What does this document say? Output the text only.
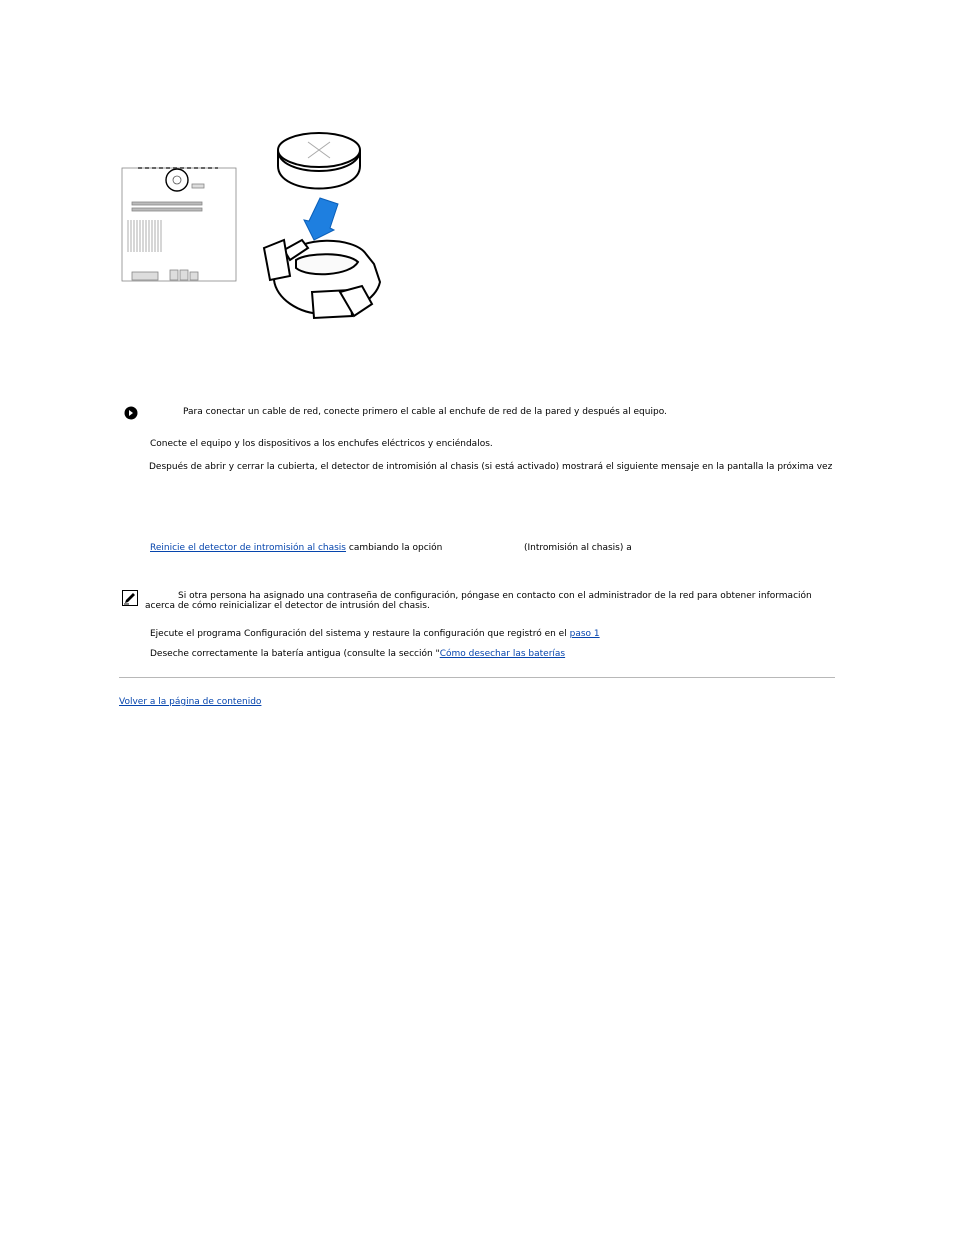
Para conectar un cable de red, conecte primero el cable al enchufe de red de la pared y después al equipo.
Conecte el equipo y los dispositivos a los enchufes eléctricos y enciéndalos.
Después de abrir y cerrar la cubierta, el detector de intromisión al chasis (si está activado) mostrará el siguiente mensaje en la pantalla la próxima vez
Reinicie el detector de intromisión al chasis cambiando la opción	(Intromisión al chasis) a
Si otra persona ha asignado una contraseña de configuración, póngase en contacto con el administrador de la red para obtener información
acerca de cómo reinicializar el detector de intrusión del chasis.
Ejecute el programa Configuración del sistema y restaure la configuración que registró en el paso 1
Deseche correctamente la batería antigua (consulte la sección "Cómo desechar las baterías
Volver a la página de contenido
